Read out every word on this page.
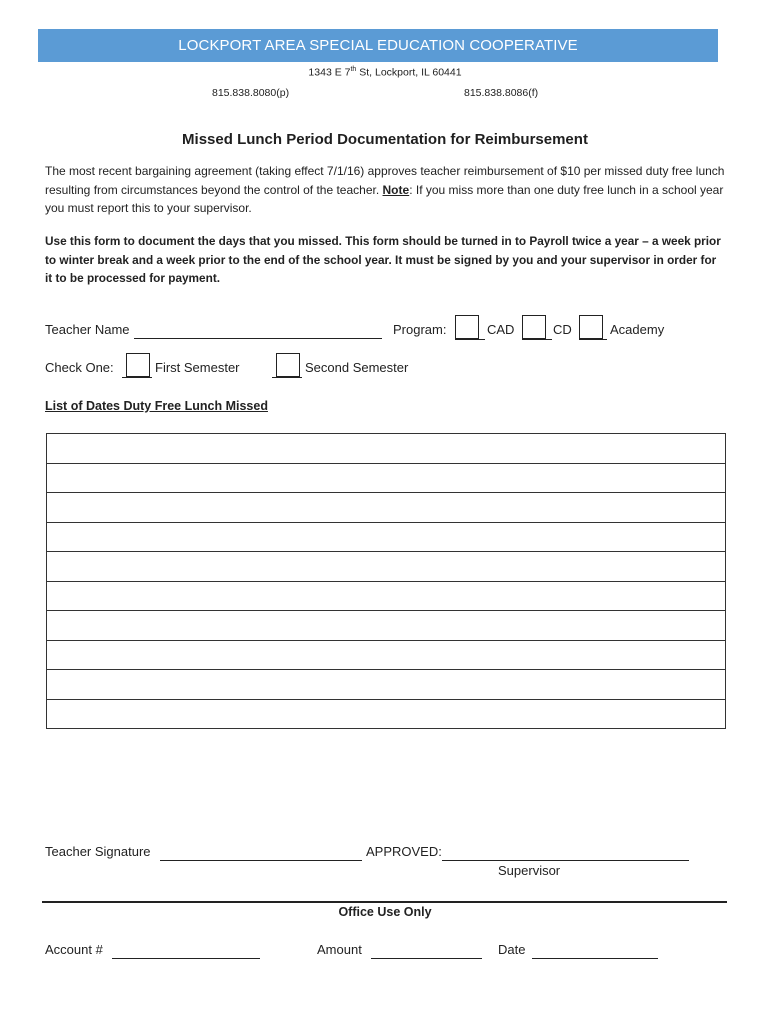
LOCKPORT AREA SPECIAL EDUCATION COOPERATIVE
1343 E 7th St, Lockport, IL 60441
815.838.8080(p)	815.838.8086(f)
Missed Lunch Period Documentation for Reimbursement
The most recent bargaining agreement (taking effect 7/1/16) approves teacher reimbursement of $10 per missed duty free lunch resulting from circumstances beyond the control of the teacher. Note: If you miss more than one duty free lunch in a school year you must report this to your supervisor.
Use this form to document the days that you missed. This form should be turned in to Payroll twice a year – a week prior to winter break and a week prior to the end of the school year. It must be signed by you and your supervisor in order for it to be processed for payment.
Teacher Name	Program:	CAD	CD	Academy
Check One:	First Semester	Second Semester
List of Dates Duty Free Lunch Missed
Teacher Signature	APPROVED:
Supervisor
Office Use Only
Account #	Amount	Date
